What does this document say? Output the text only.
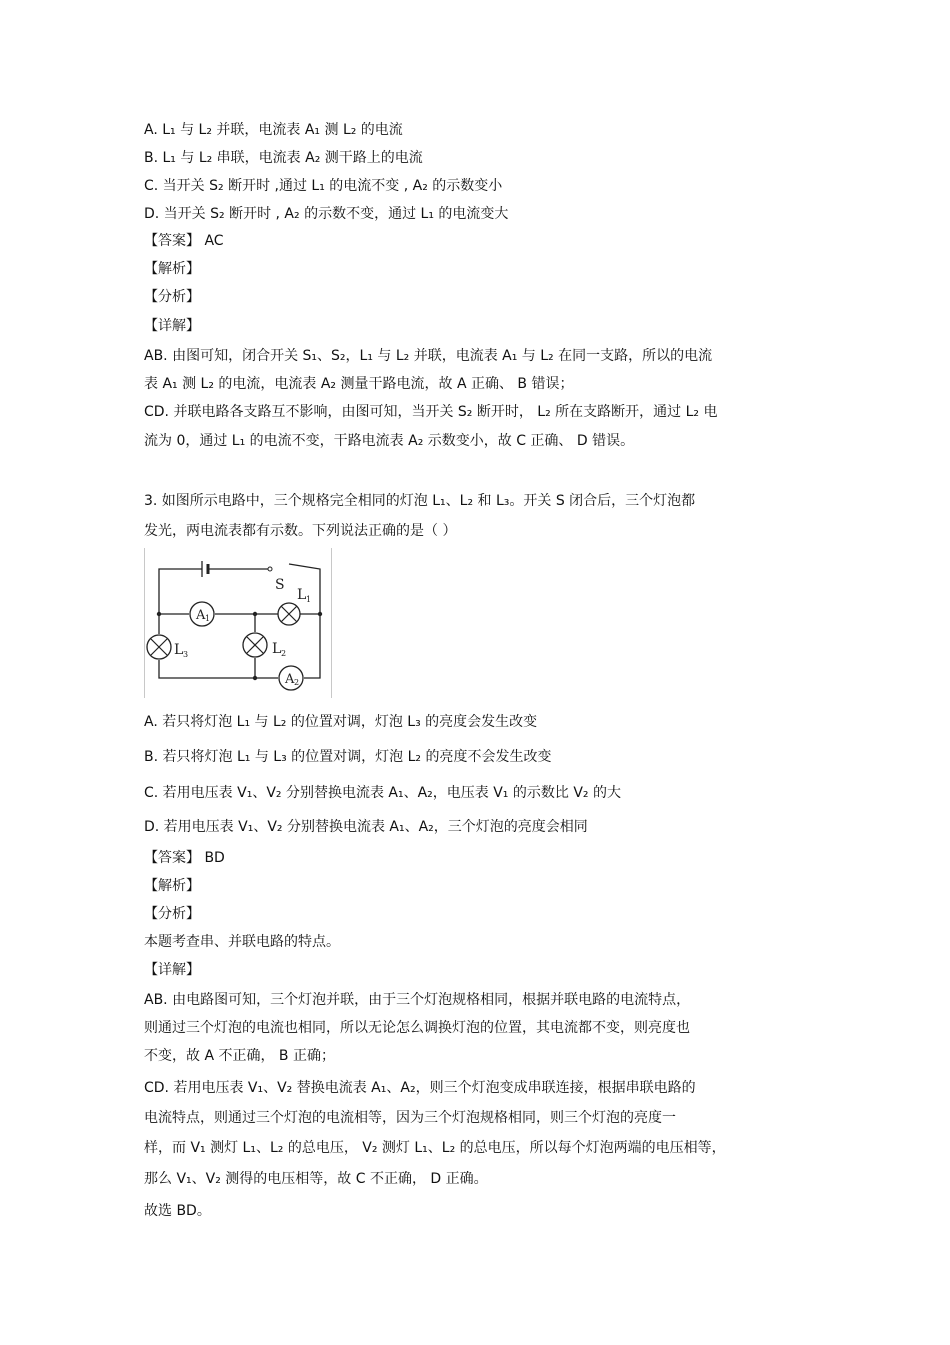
A. L₁ 与 L₂ 并联，电流表 A₁ 测 L₂ 的电流
B. L₁ 与 L₂ 串联，电流表 A₂ 测干路上的电流
C. 当开关 S₂ 断开时 ,通过 L₁ 的电流不变 , A₂ 的示数变小
D. 当开关 S₂ 断开时 , A₂ 的示数不变，通过 L₁ 的电流变大
【答案】 AC
【解析】
【分析】
【详解】
AB. 由图可知，闭合开关 S₁、S₂，L₁ 与 L₂ 并联，电流表 A₁ 与 L₂ 在同一支路，所以的电流
表 A₁ 测 L₂ 的电流，电流表 A₂ 测量干路电流，故 A 正确、 B 错误；
CD. 并联电路各支路互不影响，由图可知，当开关 S₂ 断开时， L₂ 所在支路断开，通过 L₂ 电
流为 0，通过 L₁ 的电流不变，干路电流表 A₂ 示数变小，故 C 正确、 D 错误。
3. 如图所示电路中，三个规格完全相同的灯泡 L₁、L₂ 和 L₃。开关 S 闭合后，三个灯泡都
发光，两电流表都有示数。下列说法正确的是（ ）
A. 若只将灯泡 L₁ 与 L₂ 的位置对调，灯泡 L₃ 的亮度会发生改变
B. 若只将灯泡 L₁ 与 L₃ 的位置对调，灯泡 L₂ 的亮度不会发生改变
C. 若用电压表 V₁、V₂ 分别替换电流表 A₁、A₂，电压表 V₁ 的示数比 V₂ 的大
D. 若用电压表 V₁、V₂ 分别替换电流表 A₁、A₂，三个灯泡的亮度会相同
【答案】 BD
【解析】
【分析】
本题考查串、并联电路的特点。
【详解】
AB. 由电路图可知，三个灯泡并联，由于三个灯泡规格相同，根据并联电路的电流特点，
则通过三个灯泡的电流也相同，所以无论怎么调换灯泡的位置，其电流都不变，则亮度也
不变，故 A 不正确， B 正确；
CD. 若用电压表 V₁、V₂ 替换电流表 A₁、A₂，则三个灯泡变成串联连接，根据串联电路的
电流特点，则通过三个灯泡的电流相等，因为三个灯泡规格相同，则三个灯泡的亮度一
样，而 V₁ 测灯 L₁、L₂ 的总电压， V₂ 测灯 L₁、L₂ 的总电压，所以每个灯泡两端的电压相等，
那么 V₁、V₂ 测得的电压相等，故 C 不正确， D 正确。
故选 BD。
S
A 1
L 1
L 3	L 2
A 2
